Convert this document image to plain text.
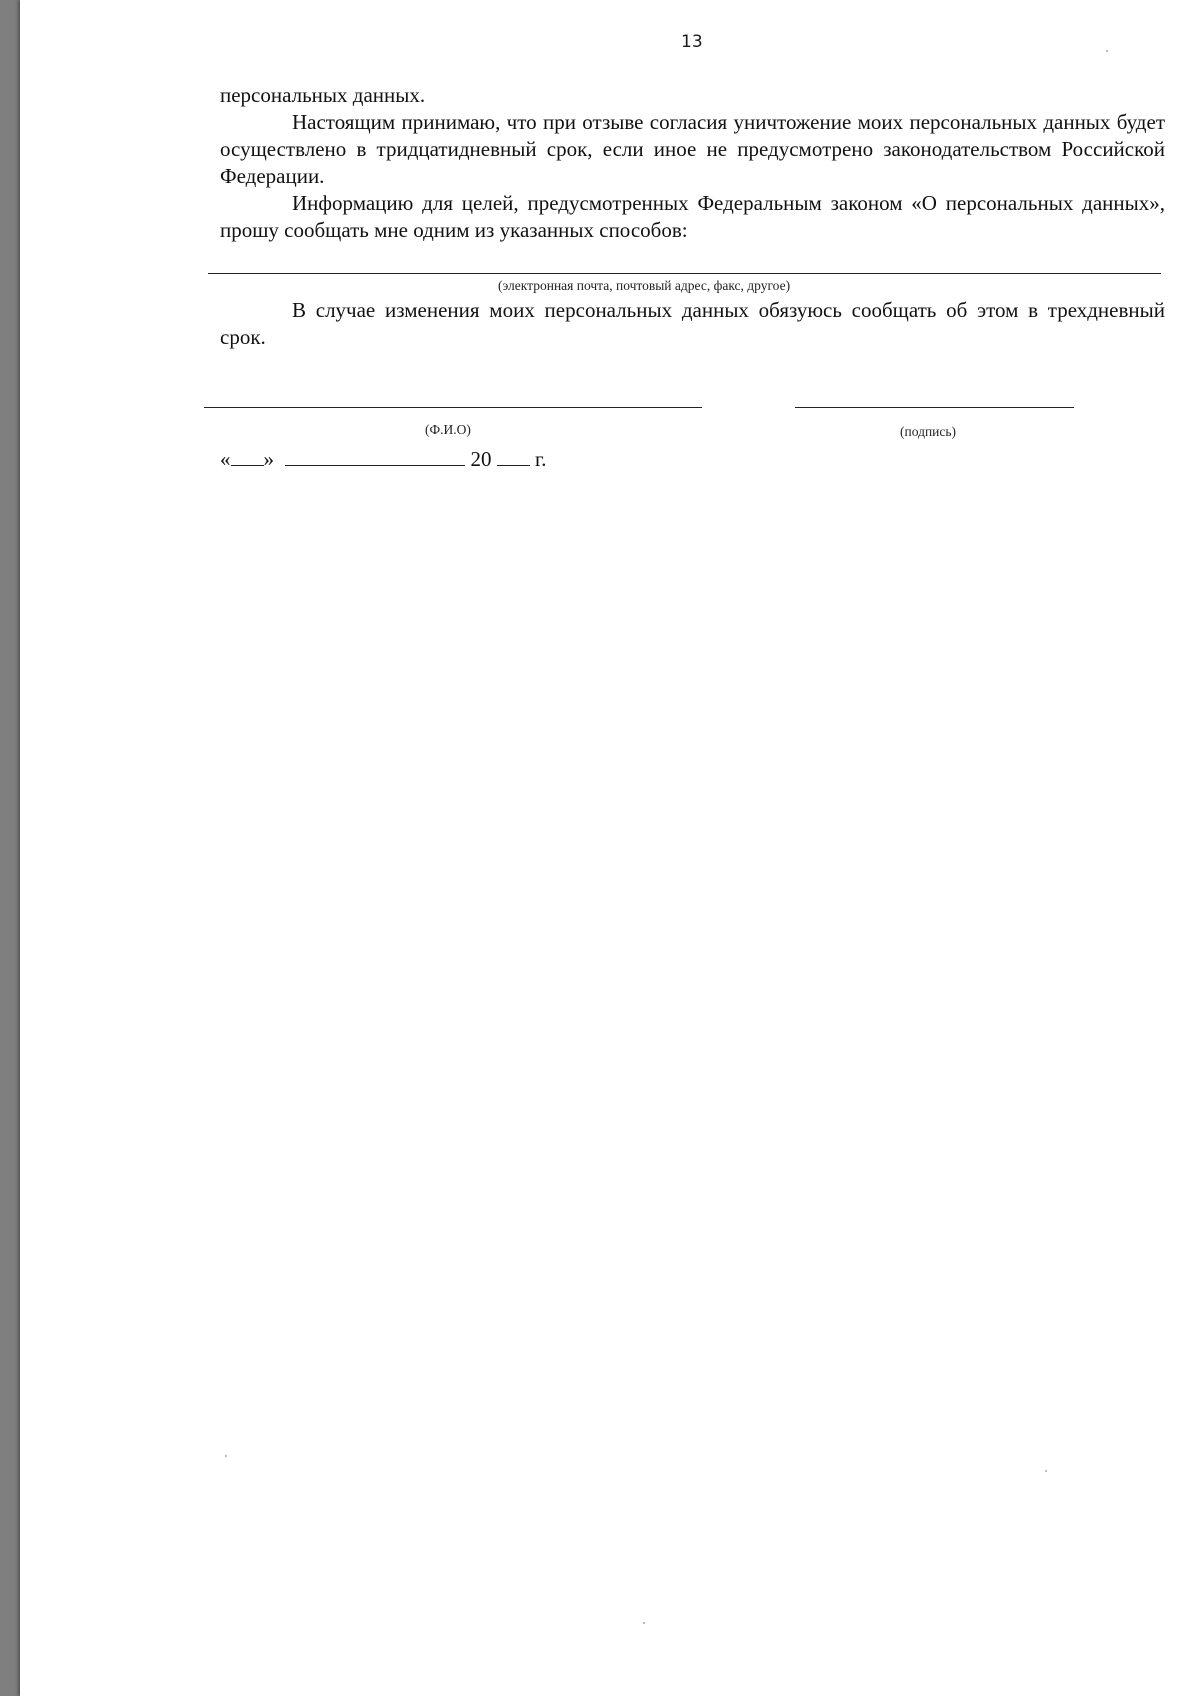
13

персональных данных.

Настоящим принимаю, что при отзыве согласия уничтожение моих персональных данных будет осуществлено в тридцатидневный срок, если иное не предусмотрено законодательством Российской Федерации.

Информацию для целей, предусмотренных Федеральным законом «О персональных данных», прошу сообщать мне одним из указанных способов:

(электронная почта, почтовый адрес, факс, другое)

В случае изменения моих персональных данных обязуюсь сообщать об этом в трехдневный срок.

(Ф.И.О)	(подпись)
« »	20 г.
